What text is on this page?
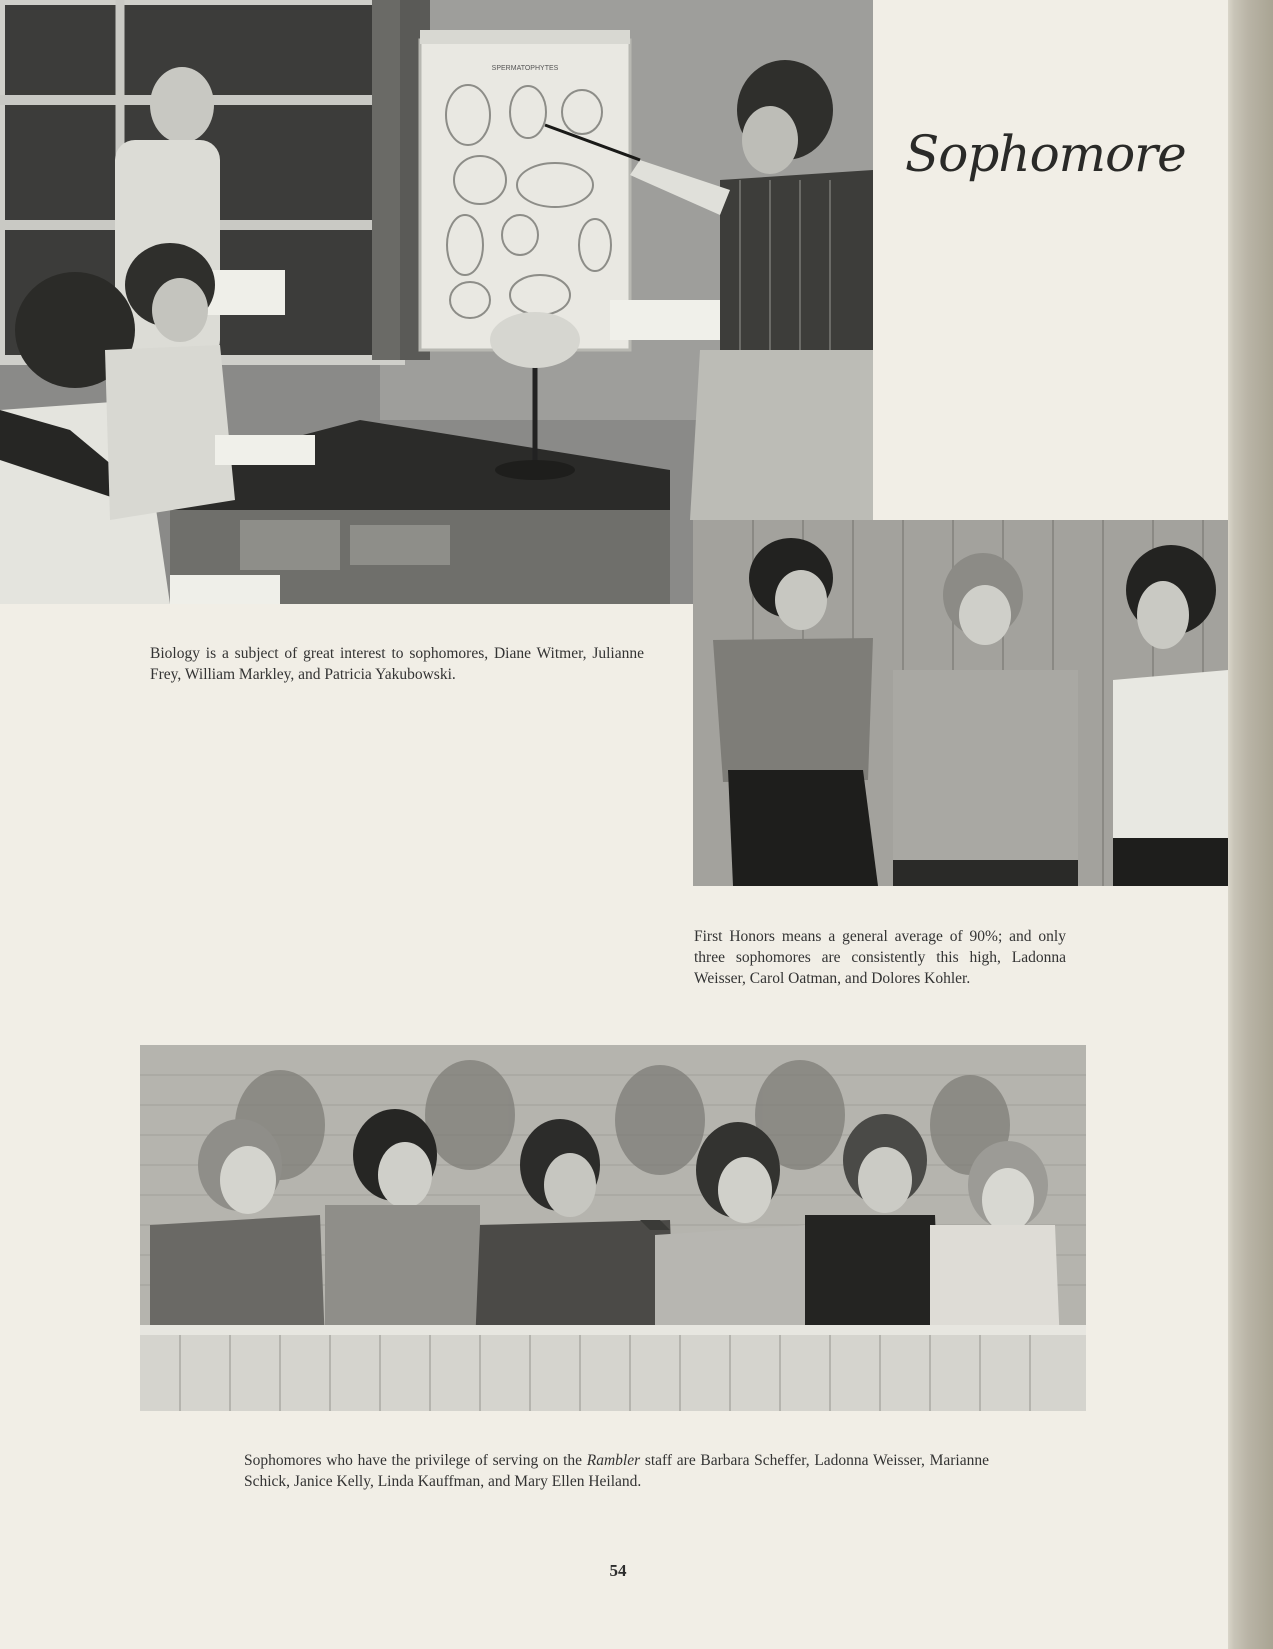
SPERMATOPHYTES
Sophomore

Biology is a subject of great interest to sophomores, Diane Witmer, Julianne Frey, William Markley, and Patricia Yakubowski.

First Honors means a general average of 90%; and only three sophomores are consistently this high, Ladonna Weisser, Carol Oatman, and Dolores Kohler.

Sophomores who have the privilege of serving on the Rambler staff are Barbara Scheffer, Ladonna Weisser, Marianne Schick, Janice Kelly, Linda Kauffman, and Mary Ellen Heiland.

54
